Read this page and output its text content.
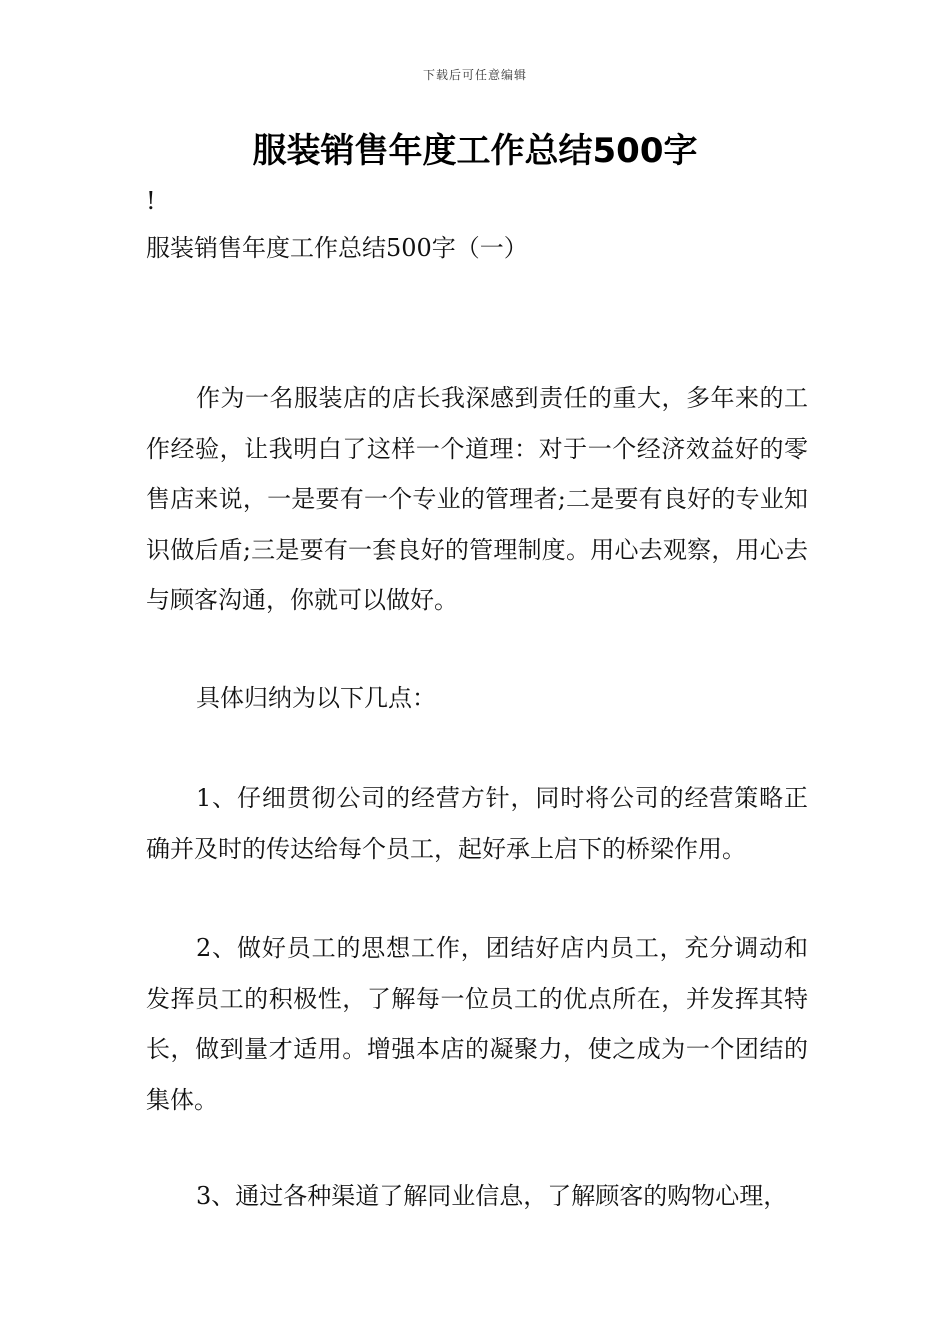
下载后可任意编辑
服装销售年度工作总结500字
!
服装销售年度工作总结500字（一）

作为一名服装店的店长我深感到责任的重大，多年来的工作经验，让我明白了这样一个道理：对于一个经济效益好的零售店来说，一是要有一个专业的管理者;二是要有良好的专业知识做后盾;三是要有一套良好的管理制度。用心去观察，用心去与顾客沟通，你就可以做好。

具体归纳为以下几点：

1、仔细贯彻公司的经营方针，同时将公司的经营策略正确并及时的传达给每个员工，起好承上启下的桥梁作用。

2、做好员工的思想工作，团结好店内员工，充分调动和发挥员工的积极性，了解每一位员工的优点所在，并发挥其特长，做到量才适用。增强本店的凝聚力，使之成为一个团结的集体。

3、通过各种渠道了解同业信息，了解顾客的购物心理，
